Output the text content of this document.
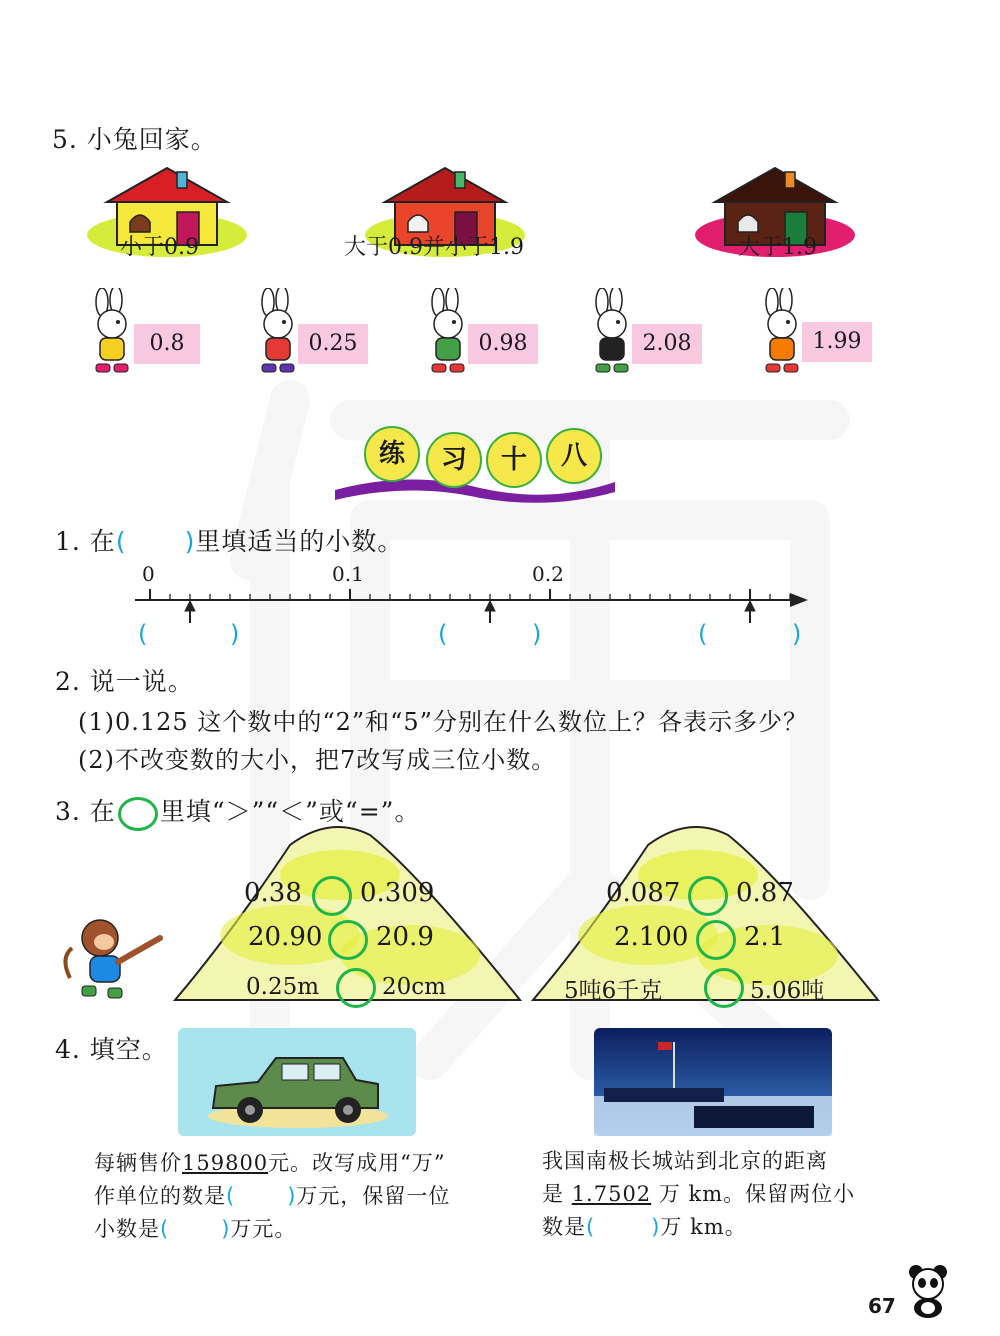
5. 小兔回家。
小于0.9	大于0.9并小于1.9	大于1.9
0.8	0.25	0.98	2.08	1.99
练	习	十	八
1. 在( )里填适当的小数。
0	0.1	0.2
(	)	(	)	(	)
2. 说一说。
(1)0.125 这个数中的“2”和“5”分别在什么数位上？各表示多少？
(2)不改变数的大小，把7改写成三位小数。
3. 在 里填“＞”“＜”或“=”。
0.38 0.309
20.90 20.9
0.25m	20cm
0.087 0.87
2.100 2.1
5吨6千克	5.06吨
4. 填空。
每辆售价159800元。改写成用“万”
作单位的数是( )万元，保留一位
小数是( )万元。
我国南极长城站到北京的距离
是 1.7502 万 km。保留两位小
数是(	)万 km。
67
